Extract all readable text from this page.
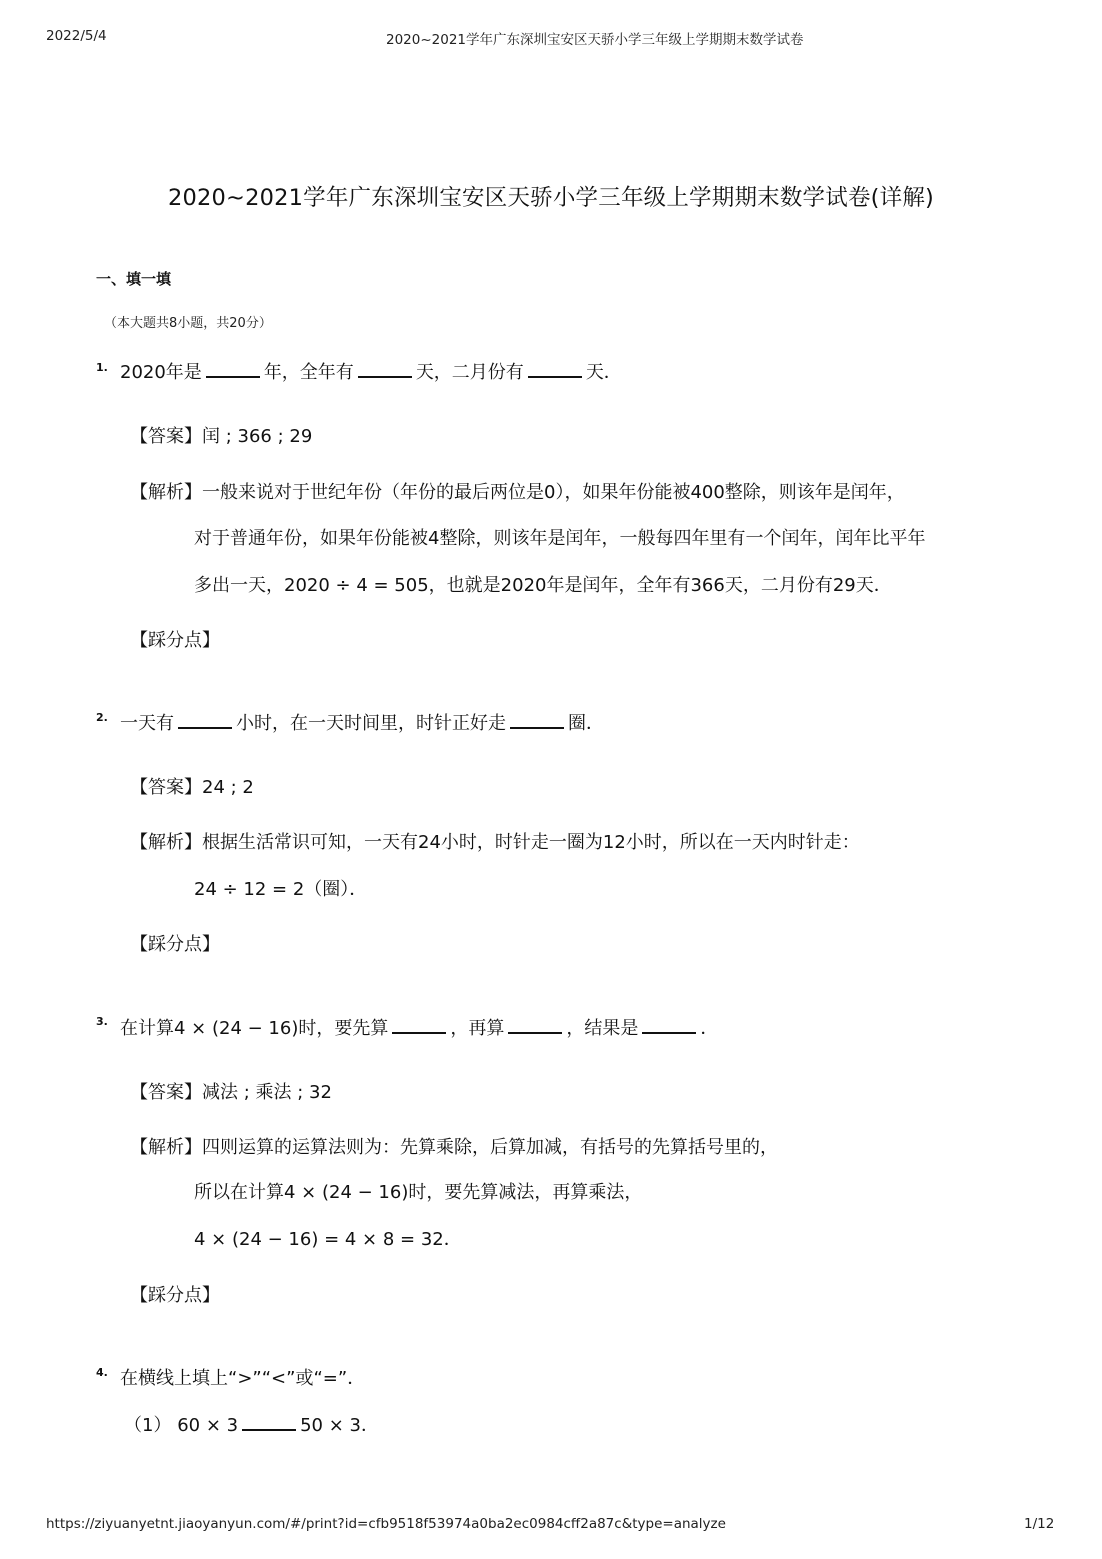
2022/5/4	2020~2021学年广东深圳宝安区天骄小学三年级上学期期末数学试卷
2020~2021学年广东深圳宝安区天骄小学三年级上学期期末数学试卷(详解)
一、填一填
（本大题共8小题，共20分）
1. 2020年是	年，全年有	天，二月份有	天．
【答案】闰 ; 366 ; 29
【解析】一般来说对于世纪年份（年份的最后两位是0），如果年份能被400整除，则该年是闰年，
对于普通年份，如果年份能被4整除，则该年是闰年，一般每四年里有一个闰年，闰年比平年
多出一天，2020 ÷ 4 = 505，也就是2020年是闰年，全年有366天，二月份有29天．
【踩分点】
2. 一天有	小时，在一天时间里，时针正好走	圈．
【答案】24 ; 2
【解析】根据生活常识可知，一天有24小时，时针走一圈为12小时，所以在一天内时针走：
24 ÷ 12 = 2（圈）．
【踩分点】
3. 在计算4 × (24 − 16)时，要先算	，再算	，结果是	．
【答案】减法 ; 乘法 ; 32
【解析】四则运算的运算法则为：先算乘除，后算加减，有括号的先算括号里的，
所以在计算4 × (24 − 16)时，要先算减法，再算乘法，
4 × (24 − 16) = 4 × 8 = 32．
【踩分点】
4. 在横线上填上“>”“<”或“=”．
（1） 60 × 3	50 × 3．
https://ziyuanyetnt.jiaoyanyun.com/#/print?id=cfb9518f53974a0ba2ec0984cff2a87c&type=analyze	1/12
